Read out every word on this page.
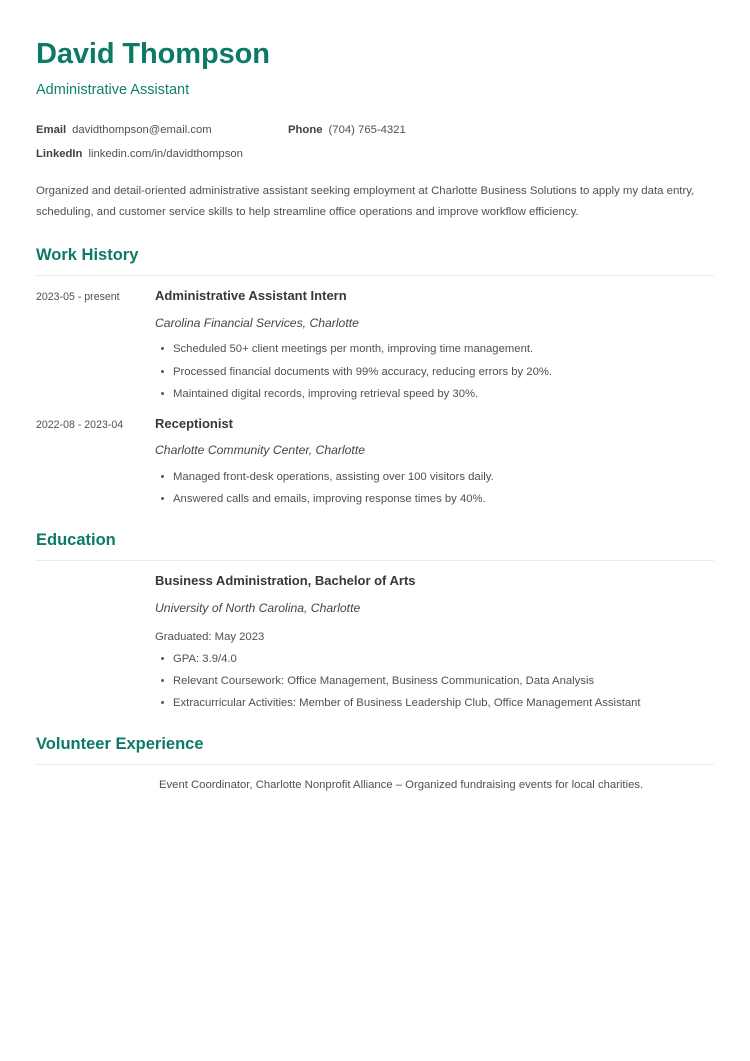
David Thompson
Administrative Assistant
Email davidthompson@email.com	Phone (704) 765-4321
LinkedIn linkedin.com/in/davidthompson
Organized and detail-oriented administrative assistant seeking employment at Charlotte Business Solutions to apply my data entry, scheduling, and customer service skills to help streamline office operations and improve workflow efficiency.
Work History
2023-05 - present	Administrative Assistant Intern
Carolina Financial Services, Charlotte
Scheduled 50+ client meetings per month, improving time management.
Processed financial documents with 99% accuracy, reducing errors by 20%.
Maintained digital records, improving retrieval speed by 30%.
2022-08 - 2023-04	Receptionist
Charlotte Community Center, Charlotte
Managed front-desk operations, assisting over 100 visitors daily.
Answered calls and emails, improving response times by 40%.
Education
Business Administration, Bachelor of Arts
University of North Carolina, Charlotte
Graduated: May 2023
GPA: 3.9/4.0
Relevant Coursework: Office Management, Business Communication, Data Analysis
Extracurricular Activities: Member of Business Leadership Club, Office Management Assistant
Volunteer Experience
Event Coordinator, Charlotte Nonprofit Alliance – Organized fundraising events for local charities.
